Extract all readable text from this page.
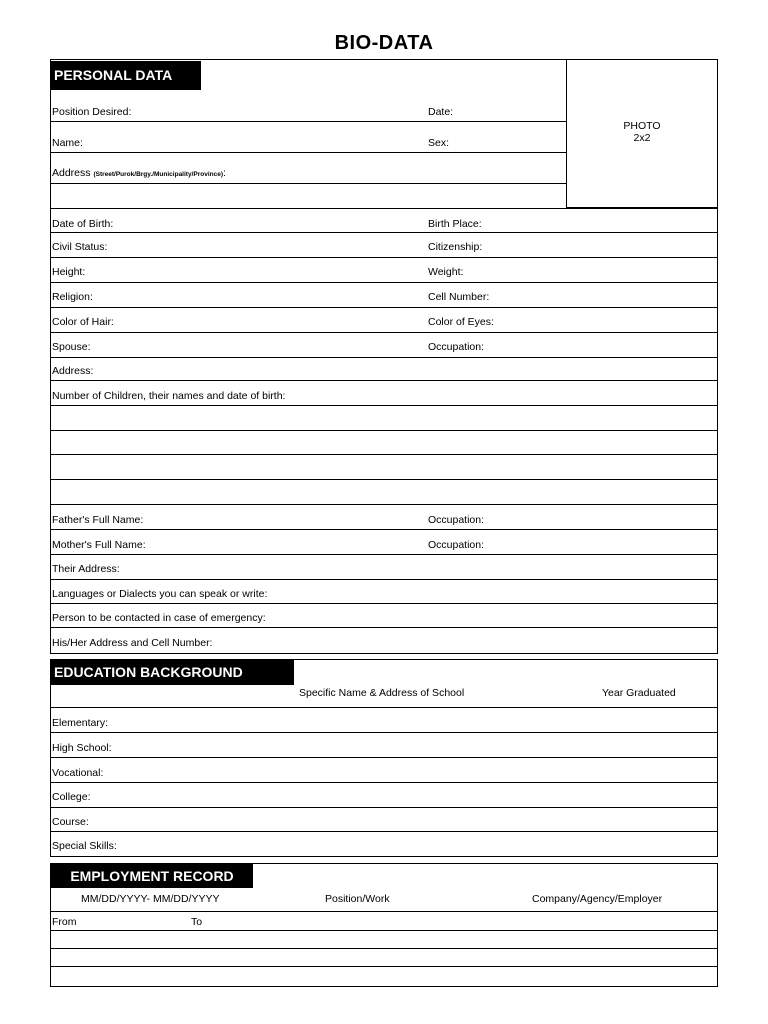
BIO-DATA
PERSONAL DATA
PHOTO
2x2
Position Desired:	Date:
Name:	Sex:
Address (Street/Purok/Brgy./Municipality/Province):
Date of Birth:	Birth Place:
Civil Status:	Citizenship:
Height:	Weight:
Religion:	Cell Number:
Color of Hair:	Color of Eyes:
Spouse:	Occupation:
Address:
Number of Children, their names and date of birth:
Father's Full Name:	Occupation:
Mother's Full Name:	Occupation:
Their Address:
Languages or Dialects you can speak or write:
Person to be contacted in case of emergency:
His/Her Address and Cell Number:
EDUCATION BACKGROUND
Specific Name & Address of School	Year Graduated
Elementary:
High School:
Vocational:
College:
Course:
Special Skills:
EMPLOYMENT RECORD
MM/DD/YYYY- MM/DD/YYYY	Position/Work	Company/Agency/Employer
From	To
